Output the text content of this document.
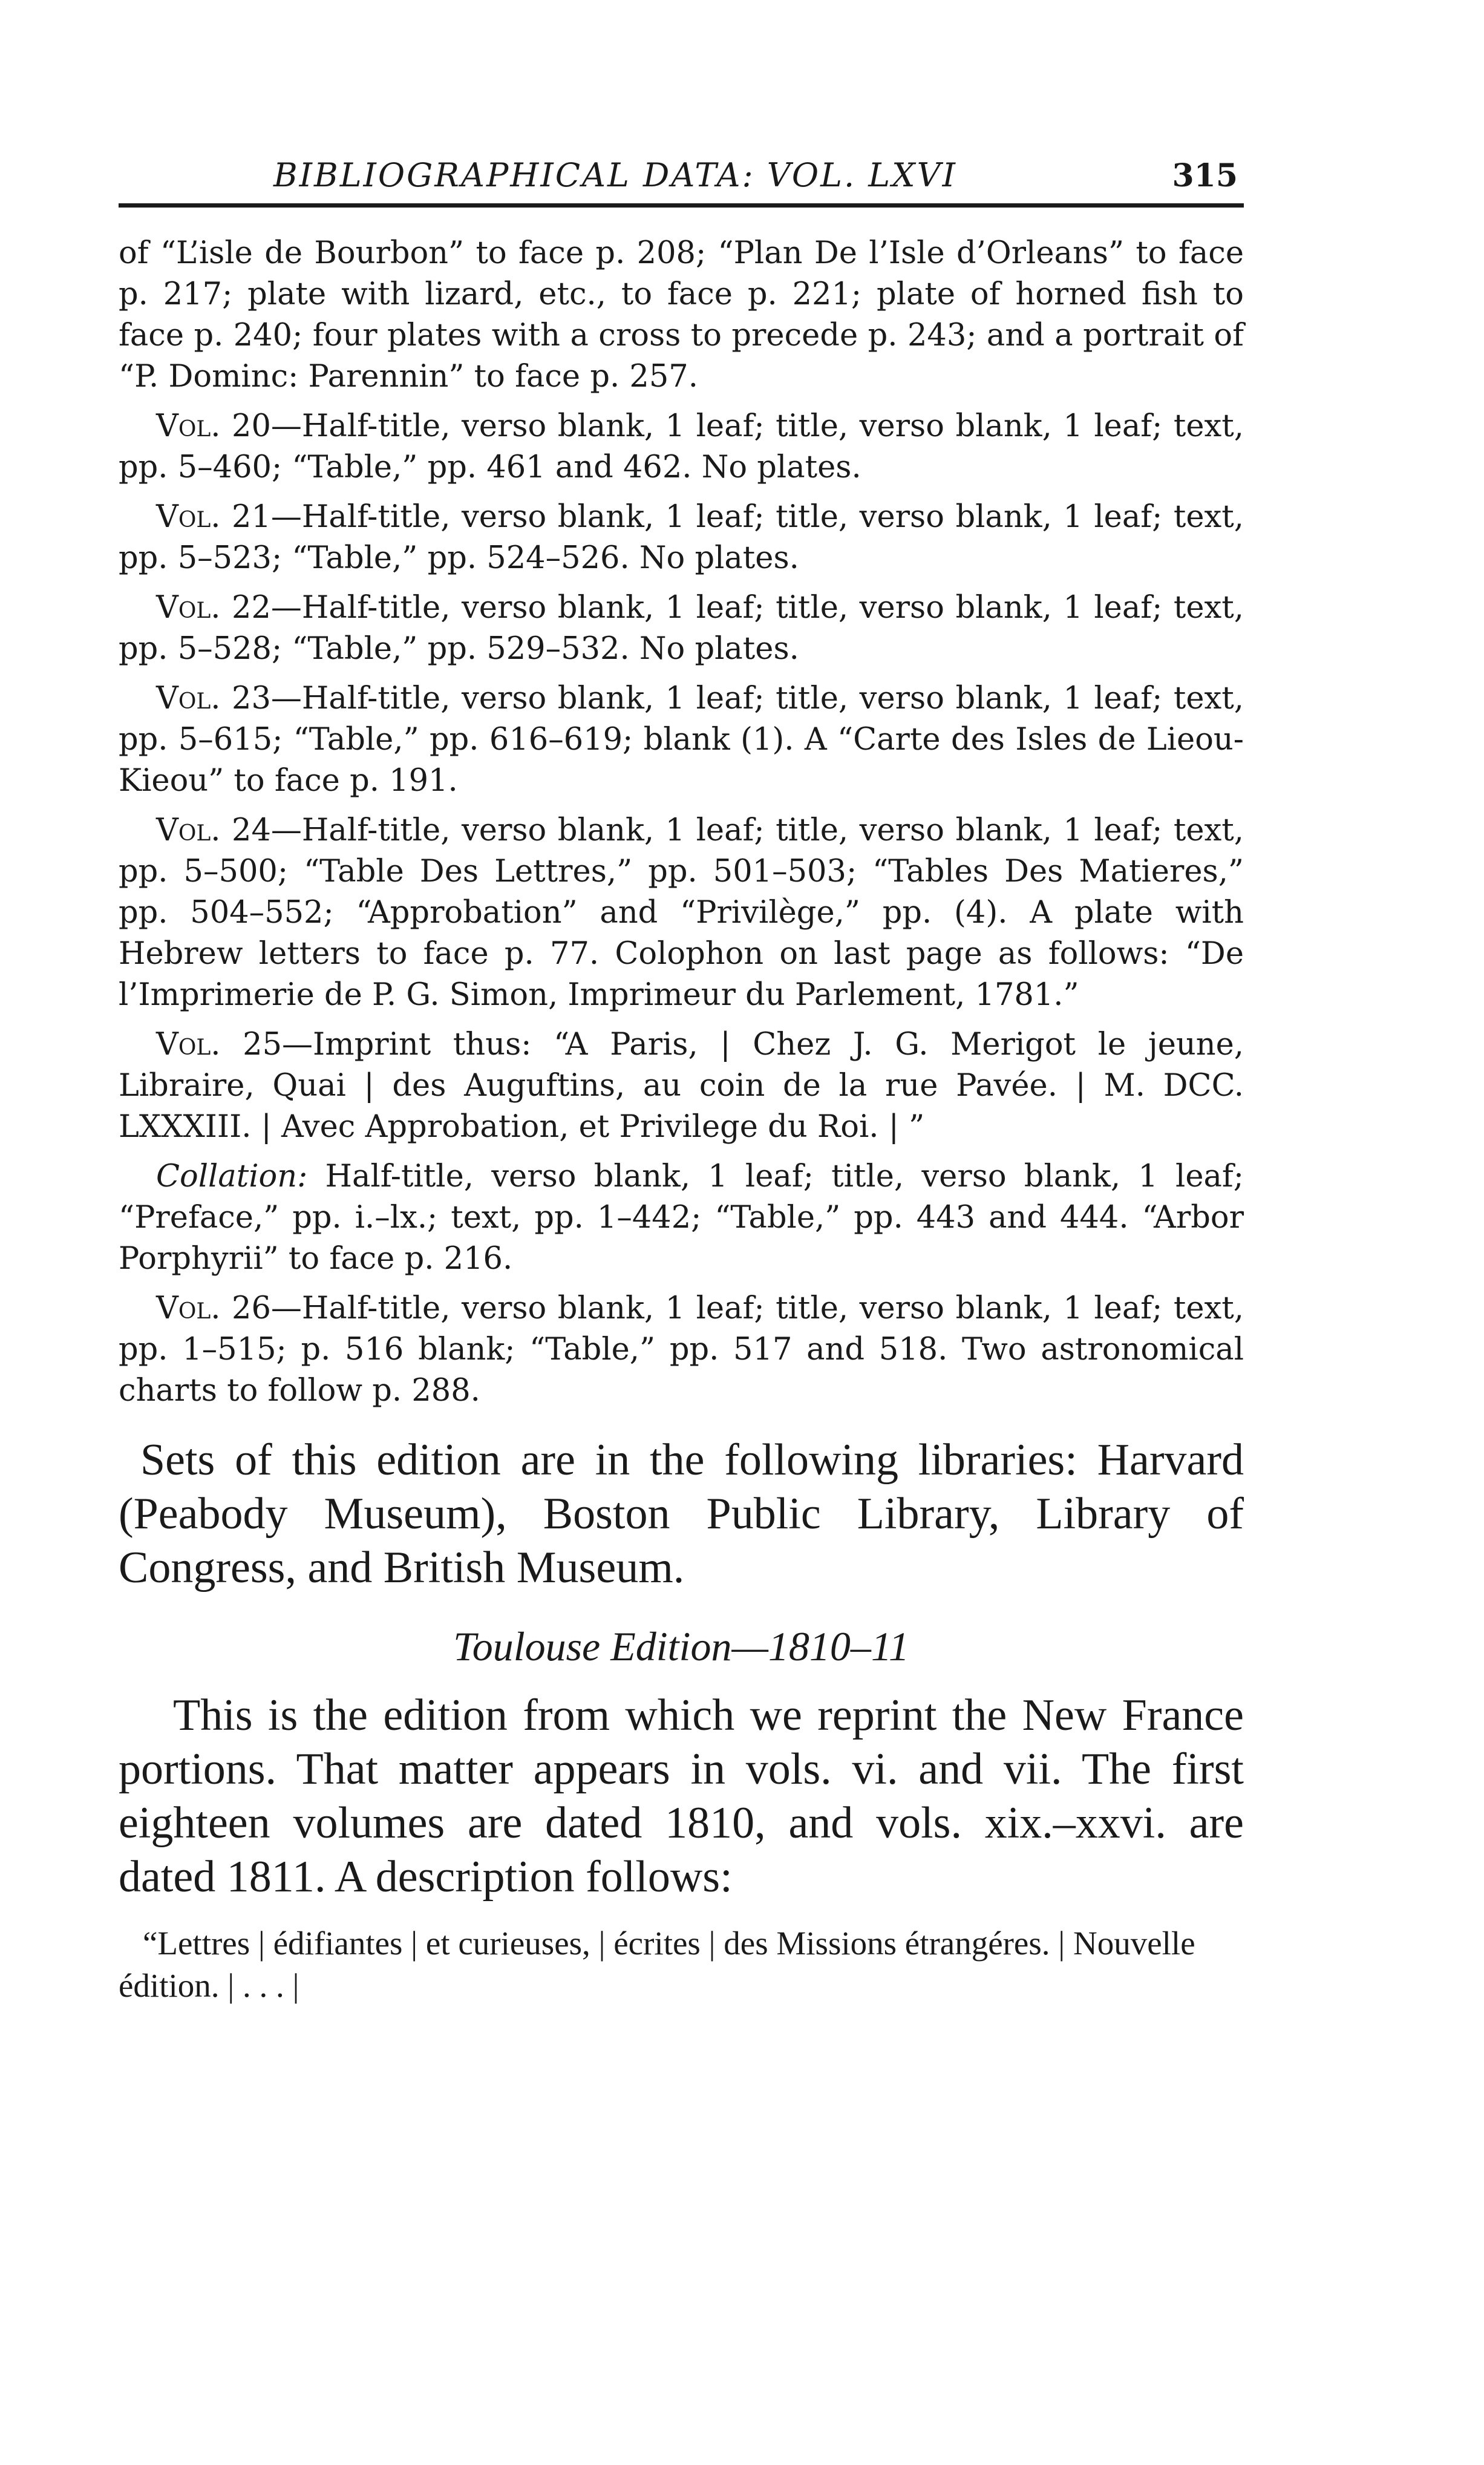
BIBLIOGRAPHICAL DATA: VOL. LXVI	315
of “L’isle de Bourbon” to face p. 208; “Plan De l’Isle d’Orleans” to face p. 217; plate with lizard, etc., to face p. 221; plate of horned fish to face p. 240; four plates with a cross to precede p. 243; and a portrait of “P. Dominc: Parennin” to face p. 257.
Vol. 20—Half-title, verso blank, 1 leaf; title, verso blank, 1 leaf; text, pp. 5–460; “Table,” pp. 461 and 462. No plates.
Vol. 21—Half-title, verso blank, 1 leaf; title, verso blank, 1 leaf; text, pp. 5–523; “Table,” pp. 524–526. No plates.
Vol. 22—Half-title, verso blank, 1 leaf; title, verso blank, 1 leaf; text, pp. 5–528; “Table,” pp. 529–532. No plates.
Vol. 23—Half-title, verso blank, 1 leaf; title, verso blank, 1 leaf; text, pp. 5–615; “Table,” pp. 616–619; blank (1). A “Carte des Isles de Lieou-Kieou” to face p. 191.
Vol. 24—Half-title, verso blank, 1 leaf; title, verso blank, 1 leaf; text, pp. 5–500; “Table Des Lettres,” pp. 501–503; “Tables Des Matieres,” pp. 504–552; “Approbation” and “Privilège,” pp. (4). A plate with Hebrew letters to face p. 77. Colophon on last page as follows: “De l’Imprimerie de P. G. Simon, Imprimeur du Parlement, 1781.”
Vol. 25—Imprint thus: “A Paris, | Chez J. G. Merigot le jeune, Libraire, Quai | des Auguftins, au coin de la rue Pavée. | M. DCC. LXXXIII. | Avec Approbation, et Privilege du Roi. | ”
Collation: Half-title, verso blank, 1 leaf; title, verso blank, 1 leaf; “Preface,” pp. i.–lx.; text, pp. 1–442; “Table,” pp. 443 and 444. “Arbor Porphyrii” to face p. 216.
Vol. 26—Half-title, verso blank, 1 leaf; title, verso blank, 1 leaf; text, pp. 1–515; p. 516 blank; “Table,” pp. 517 and 518. Two astronomical charts to follow p. 288.

Sets of this edition are in the following libraries: Harvard (Peabody Museum), Boston Public Library, Library of Congress, and British Museum.

Toulouse Edition—1810–11

This is the edition from which we reprint the New France portions. That matter appears in vols. vi. and vii. The first eighteen volumes are dated 1810, and vols. xix.–xxvi. are dated 1811. A description follows:

“Lettres | édifiantes | et curieuses, | écrites | des Missions étrangéres. | Nouvelle édition. | . . . |
